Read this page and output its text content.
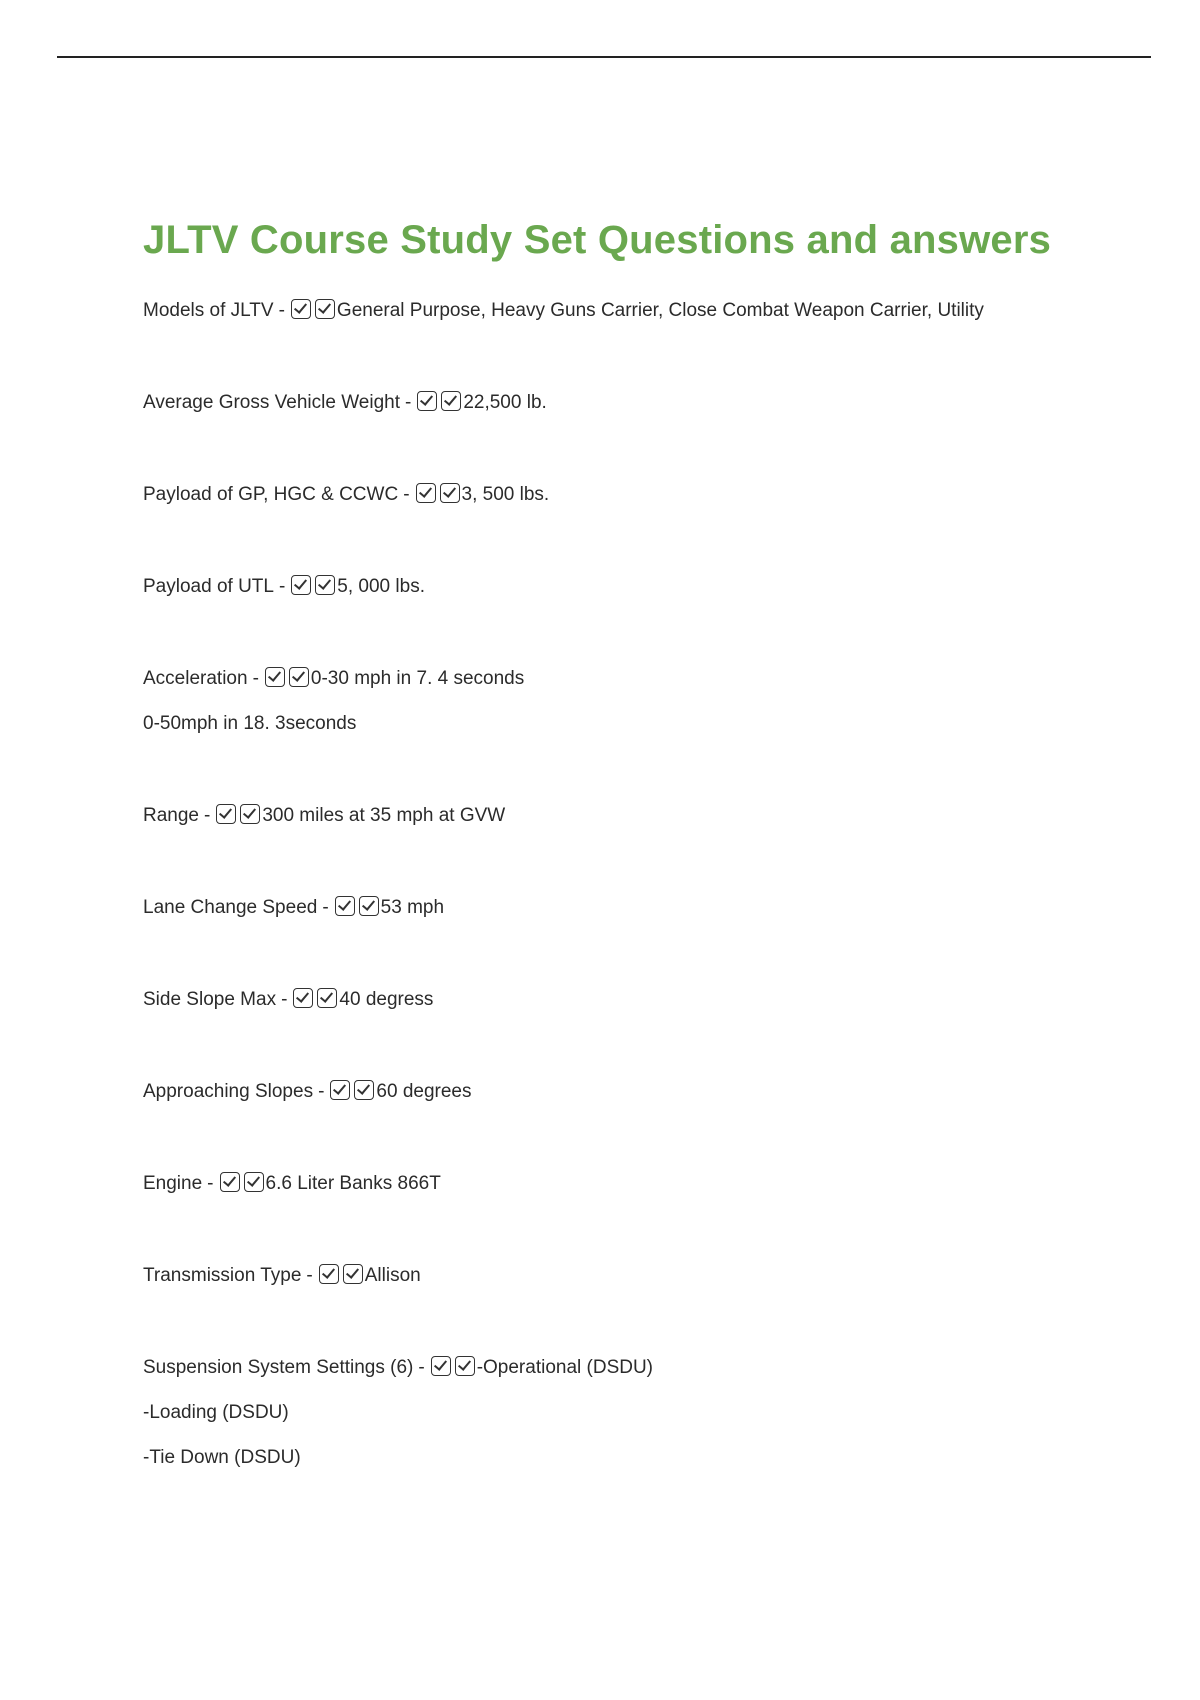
JLTV Course Study Set Questions and answers
Models of JLTV -	General Purpose, Heavy Guns Carrier, Close Combat Weapon Carrier, Utility
Average Gross Vehicle Weight -	22,500 lb.
Payload of GP, HGC & CCWC -	3, 500 lbs.
Payload of UTL -	5, 000 lbs.
Acceleration -	0-30 mph in 7. 4 seconds
0-50mph in 18. 3seconds
Range -	300 miles at 35 mph at GVW
Lane Change Speed -	53 mph
Side Slope Max -	40 degress
Approaching Slopes -	60 degrees
Engine -	6.6 Liter Banks 866T
Transmission Type -	Allison
Suspension System Settings (6) -	-Operational (DSDU)
-Loading (DSDU)
-Tie Down (DSDU)
